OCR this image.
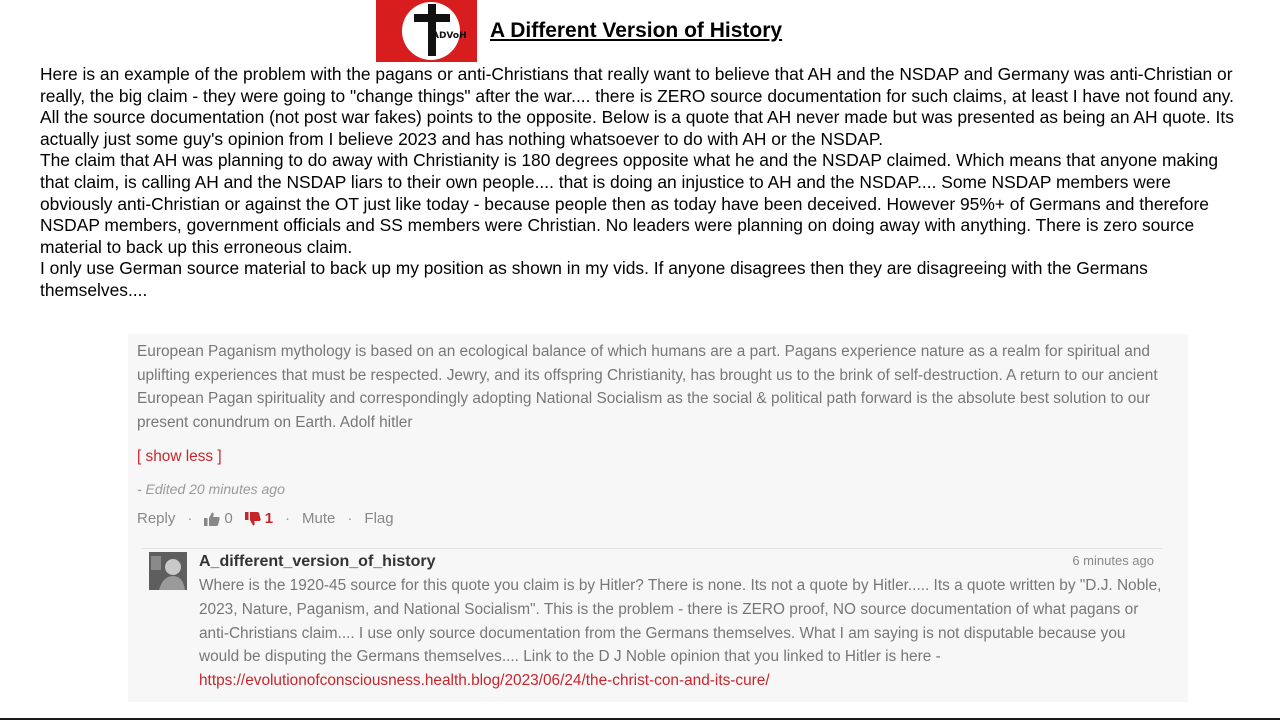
ADVoH A Different Version of History

Here is an example of the problem with the pagans or anti-Christians that really want to believe that AH and the NSDAP and Germany was anti-Christian or really, the big claim - they were going to "change things" after the war.... there is ZERO source documentation for such claims, at least I have not found any. All the source documentation (not post war fakes) points to the opposite. Below is a quote that AH never made but was presented as being an AH quote. Its actually just some guy's opinion from I believe 2023 and has nothing whatsoever to do with AH or the NSDAP.

The claim that AH was planning to do away with Christianity is 180 degrees opposite what he and the NSDAP claimed. Which means that anyone making that claim, is calling AH and the NSDAP liars to their own people.... that is doing an injustice to AH and the NSDAP.... Some NSDAP members were obviously anti-Christian or against the OT just like today - because people then as today have been deceived. However 95%+ of Germans and therefore NSDAP members, government officials and SS members were Christian. No leaders were planning on doing away with anything. There is zero source material to back up this erroneous claim.

I only use German source material to back up my position as shown in my vids. If anyone disagrees then they are disagreeing with the Germans themselves....

European Paganism mythology is based on an ecological balance of which humans are a part. Pagans experience nature as a realm for spiritual and uplifting experiences that must be respected. Jewry, and its offspring Christianity, has brought us to the brink of self-destruction. A return to our ancient European Pagan spirituality and correspondingly adopting National Socialism as the social & political path forward is the absolute best solution to our present conundrum on Earth. Adolf hitler
[ show less ]
- Edited 20 minutes ago
Reply · 0 1 · Mute · Flag
A_different_version_of_history	6 minutes ago
Where is the 1920-45 source for this quote you claim is by Hitler? There is none. Its not a quote by Hitler..... Its a quote written by "D.J. Noble, 2023, Nature, Paganism, and National Socialism". This is the problem - there is ZERO proof, NO source documentation of what pagans or anti-Christians claim.... I use only source documentation from the Germans themselves. What I am saying is not disputable because you would be disputing the Germans themselves.... Link to the D J Noble opinion that you linked to Hitler is here - https://evolutionofconsciousness.health.blog/2023/06/24/the-christ-con-and-its-cure/
